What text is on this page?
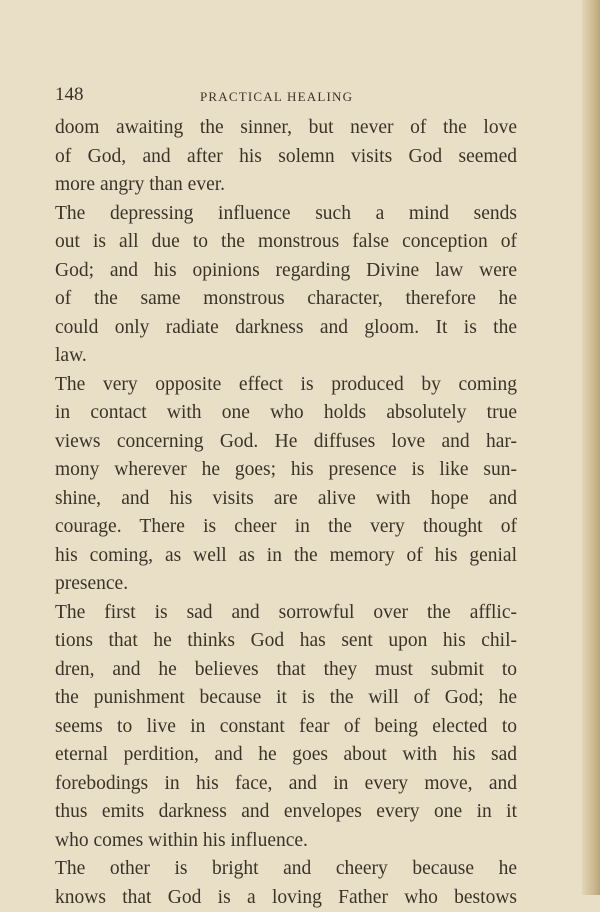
148	PRACTICAL HEALING
doom awaiting the sinner, but never of the love
of God, and after his solemn visits God seemed
more angry than ever.
The depressing influence such a mind sends
out is all due to the monstrous false conception of
God; and his opinions regarding Divine law were
of the same monstrous character, therefore he
could only radiate darkness and gloom. It is the
law.
The very opposite effect is produced by coming
in contact with one who holds absolutely true
views concerning God. He diffuses love and har-
mony wherever he goes; his presence is like sun-
shine, and his visits are alive with hope and
courage. There is cheer in the very thought of
his coming, as well as in the memory of his genial
presence.
The first is sad and sorrowful over the afflic-
tions that he thinks God has sent upon his chil-
dren, and he believes that they must submit to
the punishment because it is the will of God; he
seems to live in constant fear of being elected to
eternal perdition, and he goes about with his sad
forebodings in his face, and in every move, and
thus emits darkness and envelopes every one in it
who comes within his influence.
The other is bright and cheery because he
knows that God is a loving Father who bestows
